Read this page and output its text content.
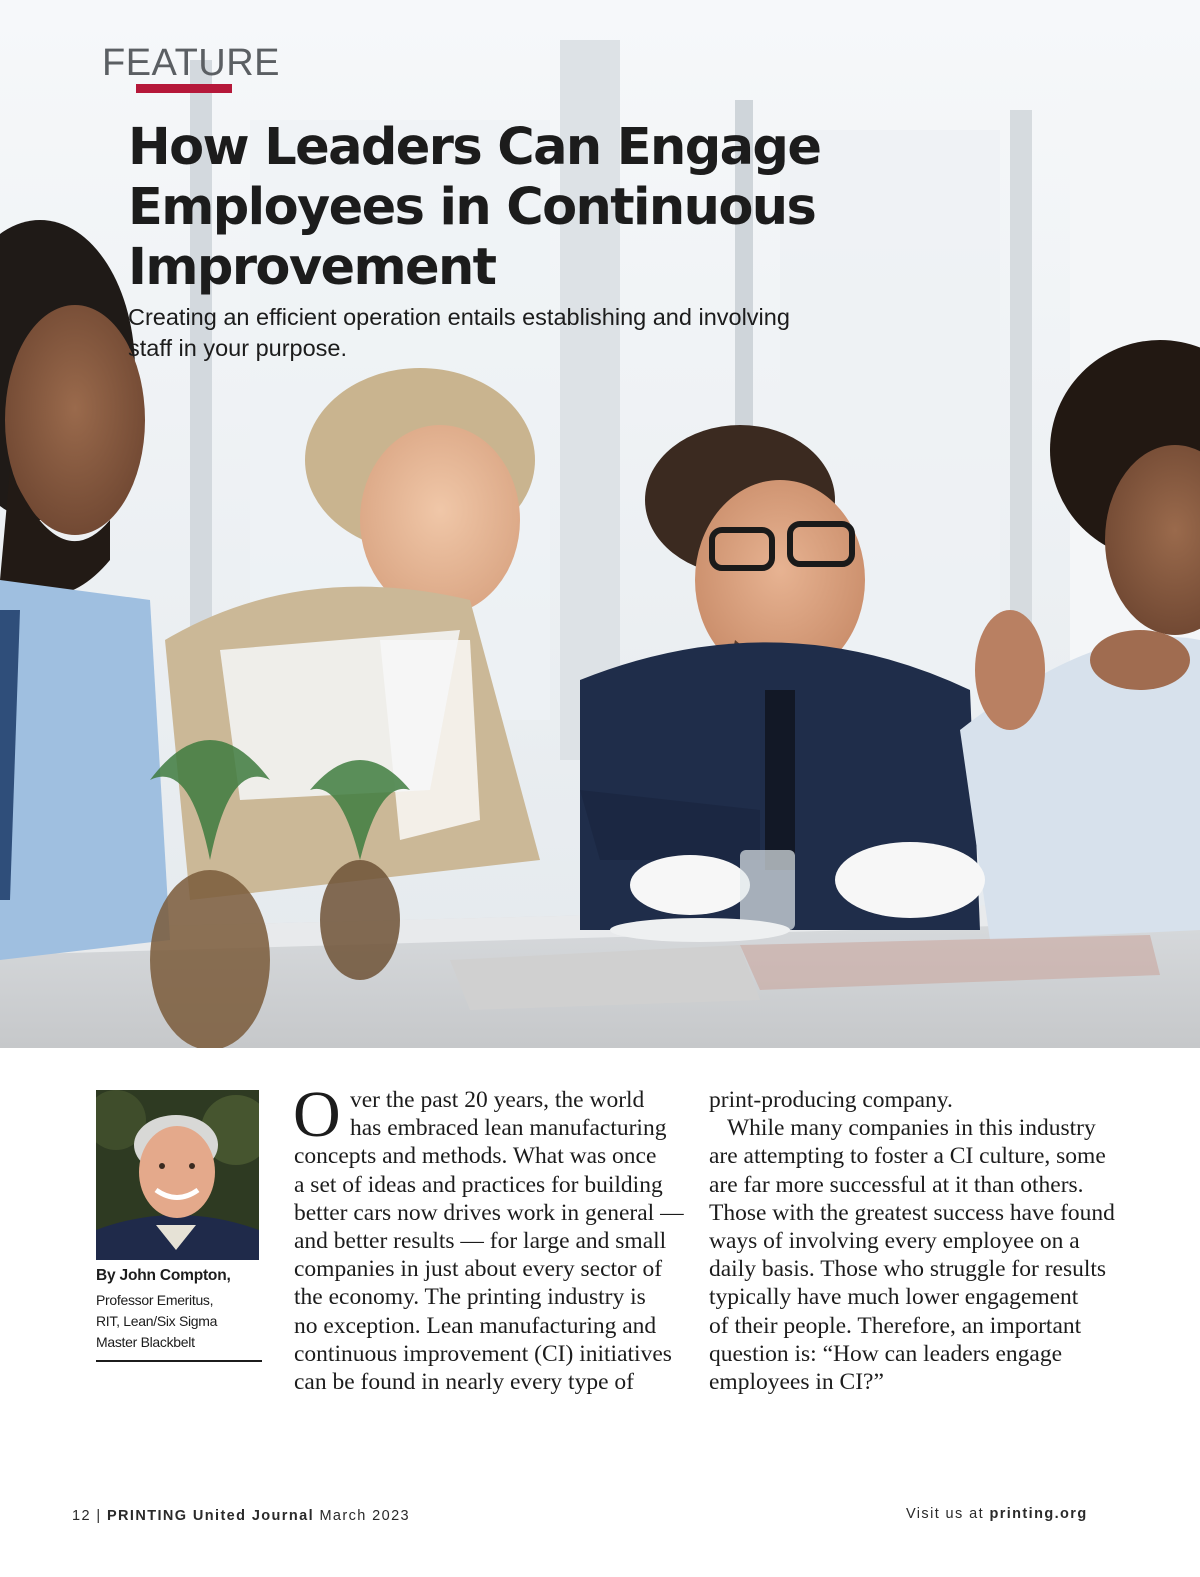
FEATURE
How Leaders Can Engage
Employees in Continuous
Improvement
Creating an efficient operation entails establishing and involving
staff in your purpose.
By John Compton,
Professor Emeritus,
RIT, Lean/Six Sigma
Master Blackbelt
O ver the past 20 years, the world
has embraced lean manufacturing
concepts and methods. What was once
a set of ideas and practices for building
better cars now drives work in general —
and better results — for large and small
companies in just about every sector of
the economy. The printing industry is
no exception. Lean manufacturing and
continuous improvement (CI) initiatives
can be found in nearly every type of
print-producing company.
While many companies in this industry
are attempting to foster a CI culture, some
are far more successful at it than others.
Those with the greatest success have found
ways of involving every employee on a
daily basis. Those who struggle for results
typically have much lower engagement
of their people. Therefore, an important
question is: “How can leaders engage
employees in CI?”
12 | PRINTING United Journal March 2023	Visit us at printing.org
